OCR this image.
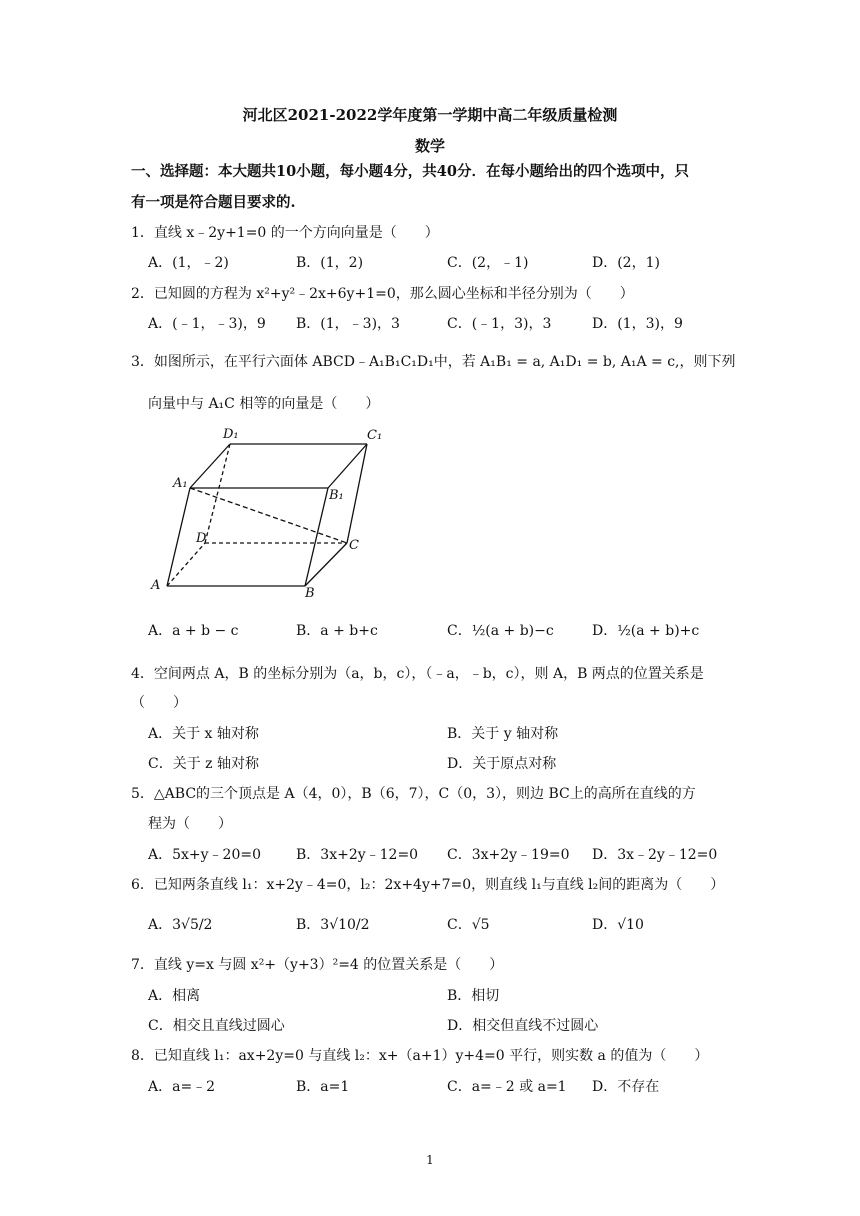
河北区2021-2022学年度第一学期中高二年级质量检测
数学
一、选择题：本大题共10小题，每小题4分，共40分．在每小题给出的四个选项中，只
有一项是符合题目要求的.
1．直线 x﹣2y+1=0 的一个方向向量是（　　）
A．(1，﹣2)	B．(1，2)	C．(2，﹣1)	D．(2，1)
2．已知圆的方程为 x²+y²﹣2x+6y+1=0，那么圆心坐标和半径分别为（　　）
A．(﹣1，﹣3)，9 B．(1，﹣3)，3	C．(﹣1，3)，3	D．(1，3)，9
3．如图所示，在平行六面体 ABCD﹣A₁B₁C₁D₁中，若 A₁B₁ = a, A₁D₁ = b, A₁A = c,，则下列
向量中与 A₁C 相等的向量是（　　）
D₁	C₁
A₁
B₁
D	C
A
B
A．a + b − c	B．a + b+c	C．½(a + b)−c	D．½(a + b)+c
4．空间两点 A，B 的坐标分别为（a，b，c），（﹣a，﹣b，c），则 A，B 两点的位置关系是
（　　）
A．关于 x 轴对称	B．关于 y 轴对称
C．关于 z 轴对称	D．关于原点对称
5．△ABC的三个顶点是 A（4，0），B（6，7），C（0，3），则边 BC上的高所在直线的方
程为（　　）
A．5x+y﹣20=0 B．3x+2y﹣12=0 C．3x+2y﹣19=0 D．3x﹣2y﹣12=0
6．已知两条直线 l₁：x+2y﹣4=0，l₂：2x+4y+7=0，则直线 l₁与直线 l₂间的距离为（　　）
A．3√5/2	B．3√10/2	C．√5	D．√10
7．直线 y=x 与圆 x²+（y+3）²=4 的位置关系是（　　）
A．相离	B．相切
C．相交且直线过圆心	D．相交但直线不过圆心
8．已知直线 l₁：ax+2y=0 与直线 l₂：x+（a+1）y+4=0 平行，则实数 a 的值为（　　）
A．a=﹣2	B．a=1	C．a=﹣2 或 a=1 D．不存在
1
